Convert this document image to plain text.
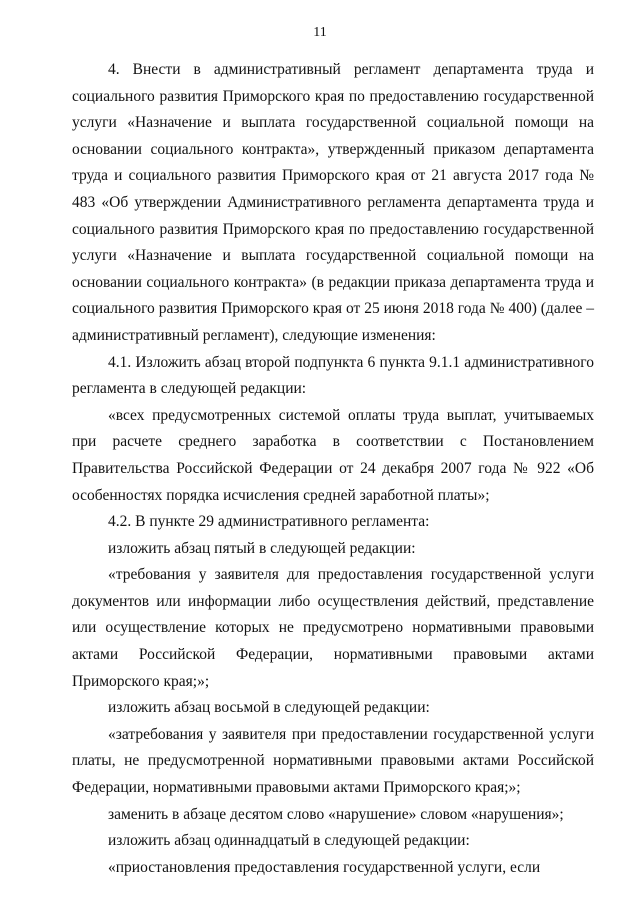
11

4. Внести в административный регламент департамента труда и социального развития Приморского края по предоставлению государственной услуги «Назначение и выплата государственной социальной помощи на основании социального контракта», утвержденный приказом департамента труда и социального развития Приморского края от 21 августа 2017 года № 483 «Об утверждении Административного регламента департамента труда и социального развития Приморского края по предоставлению государственной услуги «Назначение и выплата государственной социальной помощи на основании социального контракта» (в редакции приказа департамента труда и социального развития Приморского края от 25 июня 2018 года № 400) (далее – административный регламент), следующие изменения:

4.1. Изложить абзац второй подпункта 6 пункта 9.1.1 административного регламента в следующей редакции:

«всех предусмотренных системой оплаты труда выплат, учитываемых при расчете среднего заработка в соответствии с Постановлением Правительства Российской Федерации от 24 декабря 2007 года № 922 «Об особенностях порядка исчисления средней заработной платы»;

4.2. В пункте 29 административного регламента:

изложить абзац пятый в следующей редакции:

«требования у заявителя для предоставления государственной услуги документов или информации либо осуществления действий, представление или осуществление которых не предусмотрено нормативными правовыми актами Российской Федерации, нормативными правовыми актами Приморского края;»;

изложить абзац восьмой в следующей редакции:

«затребования у заявителя при предоставлении государственной услуги платы, не предусмотренной нормативными правовыми актами Российской Федерации, нормативными правовыми актами Приморского края;»;

заменить в абзаце десятом слово «нарушение» словом «нарушения»;

изложить абзац одиннадцатый в следующей редакции:

«приостановления предоставления государственной услуги, если
